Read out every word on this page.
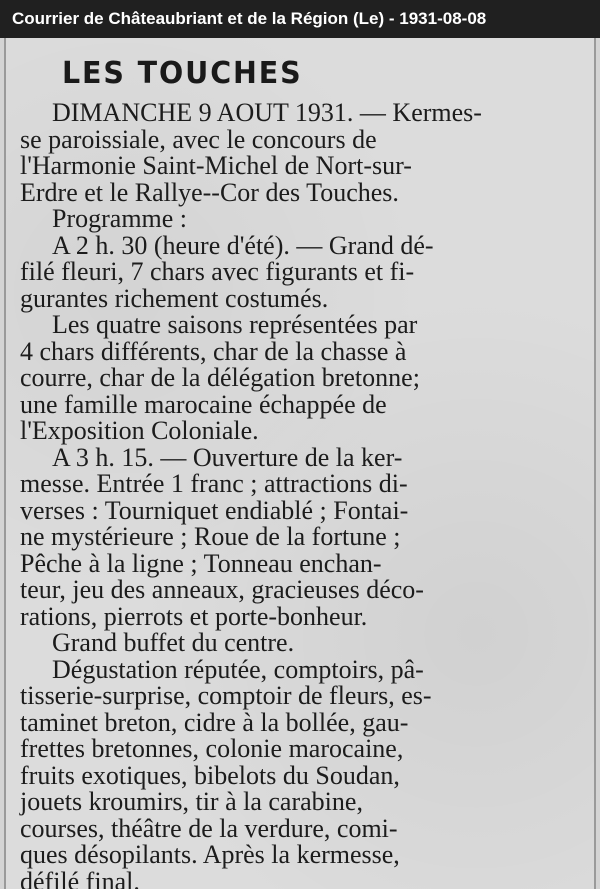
Courrier de Châteaubriant et de la Région (Le) - 1931-08-08
LES TOUCHES
DIMANCHE 9 AOUT 1931. — Kermes-
se paroissiale, avec le concours de
l'Harmonie Saint-Michel de Nort-sur-
Erdre et le Rallye--Cor des Touches.
Programme :
A 2 h. 30 (heure d'été). — Grand dé-
filé fleuri, 7 chars avec figurants et fi-
gurantes richement costumés.
Les quatre saisons représentées par
4 chars différents, char de la chasse à
courre, char de la délégation bretonne;
une famille marocaine échappée de
l'Exposition Coloniale.
A 3 h. 15. — Ouverture de la ker-
messe. Entrée 1 franc ; attractions di-
verses : Tourniquet endiablé ; Fontai-
ne mystérieure ; Roue de la fortune ;
Pêche à la ligne ; Tonneau enchan-
teur, jeu des anneaux, gracieuses déco-
rations, pierrots et porte-bonheur.
Grand buffet du centre.
Dégustation réputée, comptoirs, pâ-
tisserie-surprise, comptoir de fleurs, es-
taminet breton, cidre à la bollée, gau-
frettes bretonnes, colonie marocaine,
fruits exotiques, bibelots du Soudan,
jouets kroumirs, tir à la carabine,
courses, théâtre de la verdure, comi-
ques désopilants. Après la kermesse,
défilé final.
